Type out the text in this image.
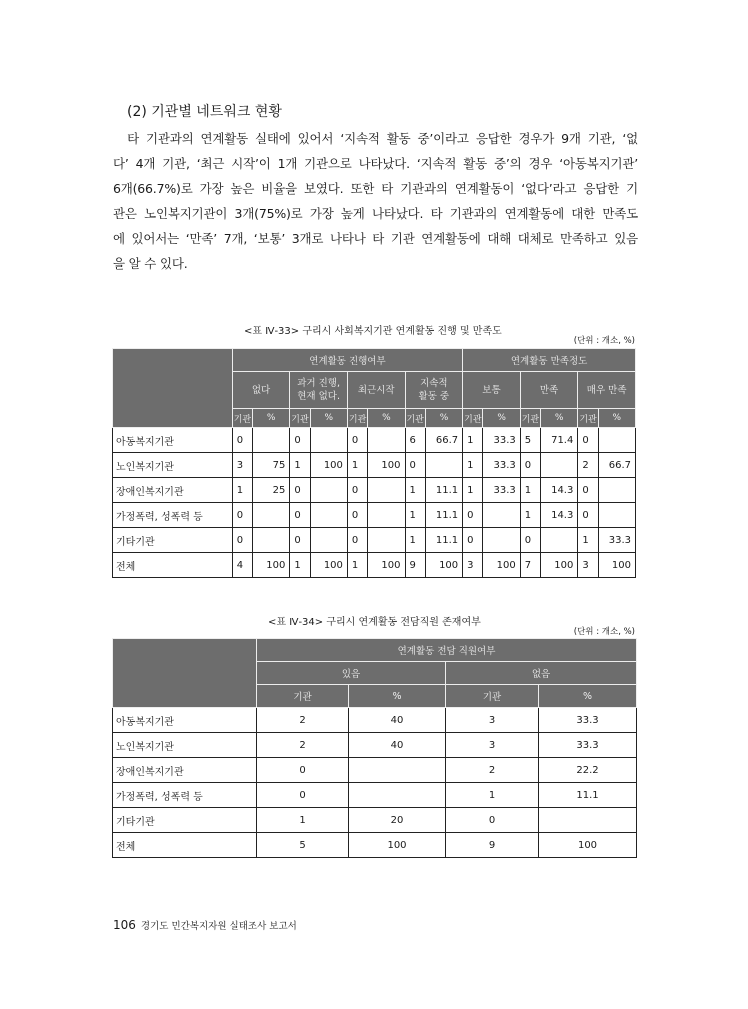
(2) 기관별 네트워크 현황

타 기관과의 연계활동 실태에 있어서 ‘지속적 활동 중’이라고 응답한 경우가 9개 기관, ‘없

다’ 4개 기관, ‘최근 시작’이 1개 기관으로 나타났다. ‘지속적 활동 중’의 경우 ‘아동복지기관’

6개(66.7%)로 가장 높은 비율을 보였다. 또한 타 기관과의 연계활동이 ‘없다’라고 응답한 기

관은 노인복지기관이 3개(75%)로 가장 높게 나타났다. 타 기관과의 연계활동에 대한 만족도

에 있어서는 ‘만족’ 7개, ‘보통’ 3개로 나타나 타 기관 연계활동에 대해 대체로 만족하고 있음

을 알 수 있다.

<표 Ⅳ-33> 구리시 사회복지기관 연계활동 진행 및 만족도
(단위 : 개소, %)
	연계활동 진행여부								연계활동 만족정도					
	없다		과거 진행,
현재 없다.		최근시작		지속적
활동 중		보통		만족		매우 만족	
	기관	%	기관	%	기관	%	기관	%	기관	%	기관	%	기관	%
아동복지기관	0		0		0		6	66.7	1	33.3	5	71.4	0	
노인복지기관	3	75	1	100	1	100	0		1	33.3	0		2	66.7
장애인복지기관	1	25	0		0		1	11.1	1	33.3	1	14.3	0	
가정폭력, 성폭력 등	0		0		0		1	11.1	0		1	14.3	0	
기타기관	0		0		0		1	11.1	0		0		1	33.3
전체	4	100	1	100	1	100	9	100	3	100	7	100	3	100
<표 Ⅳ-34> 구리시 연계활동 전담직원 존재여부
(단위 : 개소, %)
	연계활동 전담 직원여부			
	있음		없음	
	기관	%	기관	%
아동복지기관	2	40	3	33.3
노인복지기관	2	40	3	33.3
장애인복지기관	0		2	22.2
가정폭력, 성폭력 등	0		1	11.1
기타기관	1	20	0	
전체	5	100	9	100
106 경기도 민간복지자원 실태조사 보고서
